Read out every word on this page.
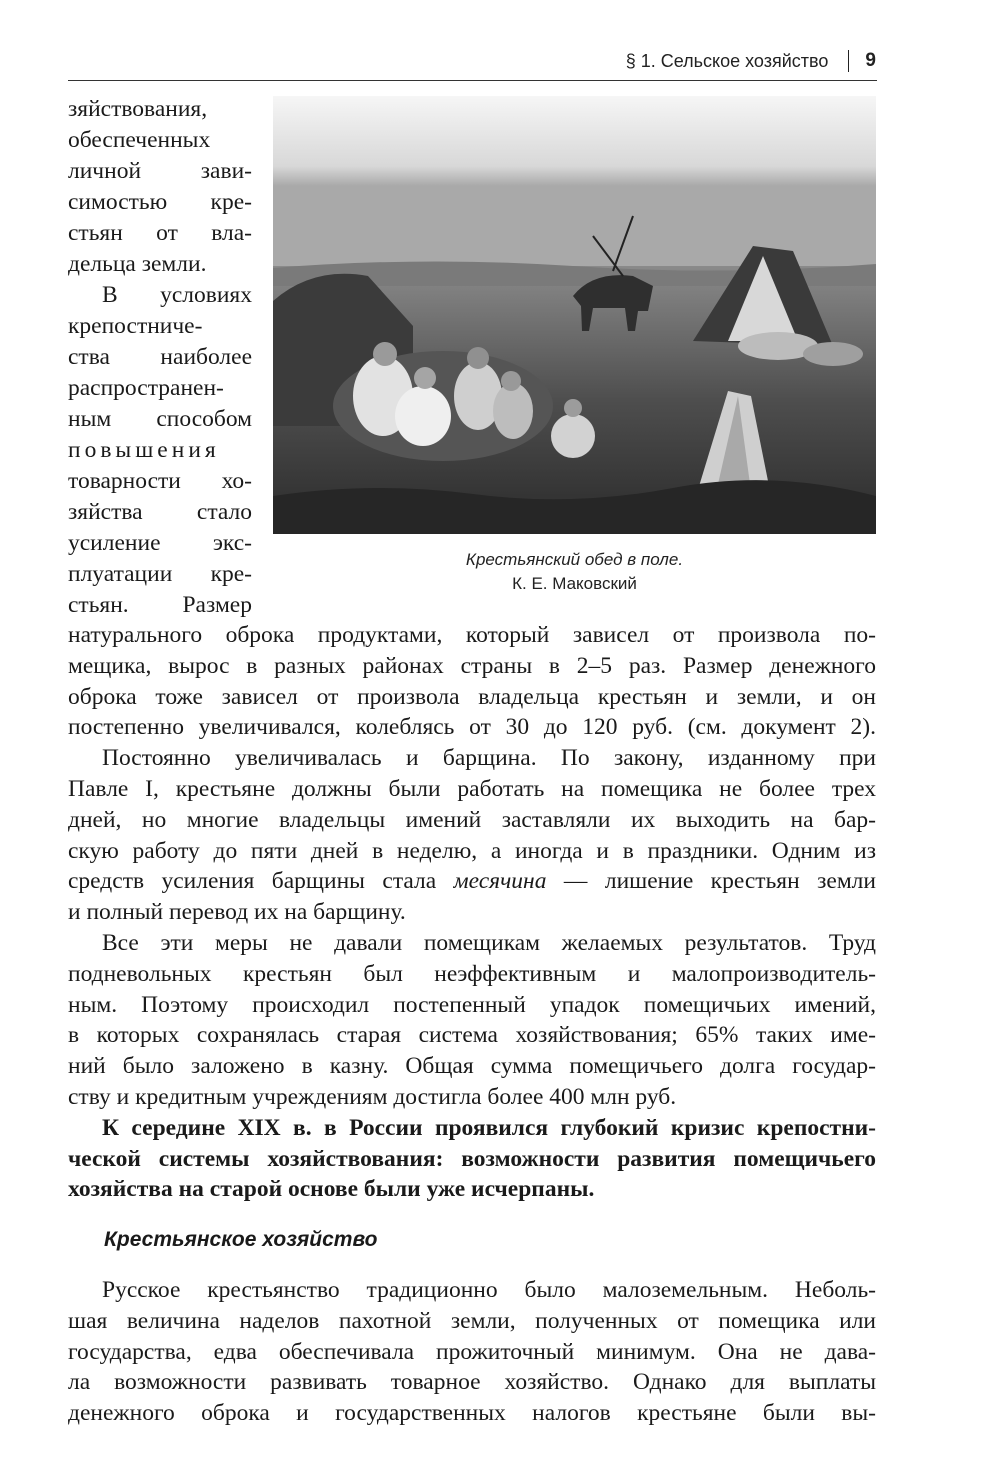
§ 1. Сельское хозяйство 9
зяйствования,
обеспеченных
личной зави-
симостью кре-
стьян от вла-
дельца земли.
В условиях
крепостниче-
ства наиболее
распространен-
ным способом
повышения
товарности хо-
зяйства стало
усиление экс-
плуатации кре-
стьян. Размер
Крестьянский обед в поле.
К. Е. Маковский
натурального оброка продуктами, который зависел от произвола по-
мещика, вырос в разных районах страны в 2–5 раз. Размер денежного
оброка тоже зависел от произвола владельца крестьян и земли, и он
постепенно увеличивался, колеблясь от 30 до 120 руб. (см. документ 2).
Постоянно увеличивалась и барщина. По закону, изданному при
Павле I, крестьяне должны были работать на помещика не более трех
дней, но многие владельцы имений заставляли их выходить на бар-
скую работу до пяти дней в неделю, а иногда и в праздники. Одним из
средств усиления барщины стала месячина — лишение крестьян земли
и полный перевод их на барщину.
Все эти меры не давали помещикам желаемых результатов. Труд
подневольных крестьян был неэффективным и малопроизводитель-
ным. Поэтому происходил постепенный упадок помещичьих имений,
в которых сохранялась старая система хозяйствования; 65% таких име-
ний было заложено в казну. Общая сумма помещичьего долга государ-
ству и кредитным учреждениям достигла более 400 млн руб.
К середине XIX в. в России проявился глубокий кризис крепостни-
ческой системы хозяйствования: возможности развития помещичьего
хозяйства на старой основе были уже исчерпаны.
Крестьянское хозяйство
Русское крестьянство традиционно было малоземельным. Неболь-
шая величина наделов пахотной земли, полученных от помещика или
государства, едва обеспечивала прожиточный минимум. Она не дава-
ла возможности развивать товарное хозяйство. Однако для выплаты
денежного оброка и государственных налогов крестьяне были вы-
